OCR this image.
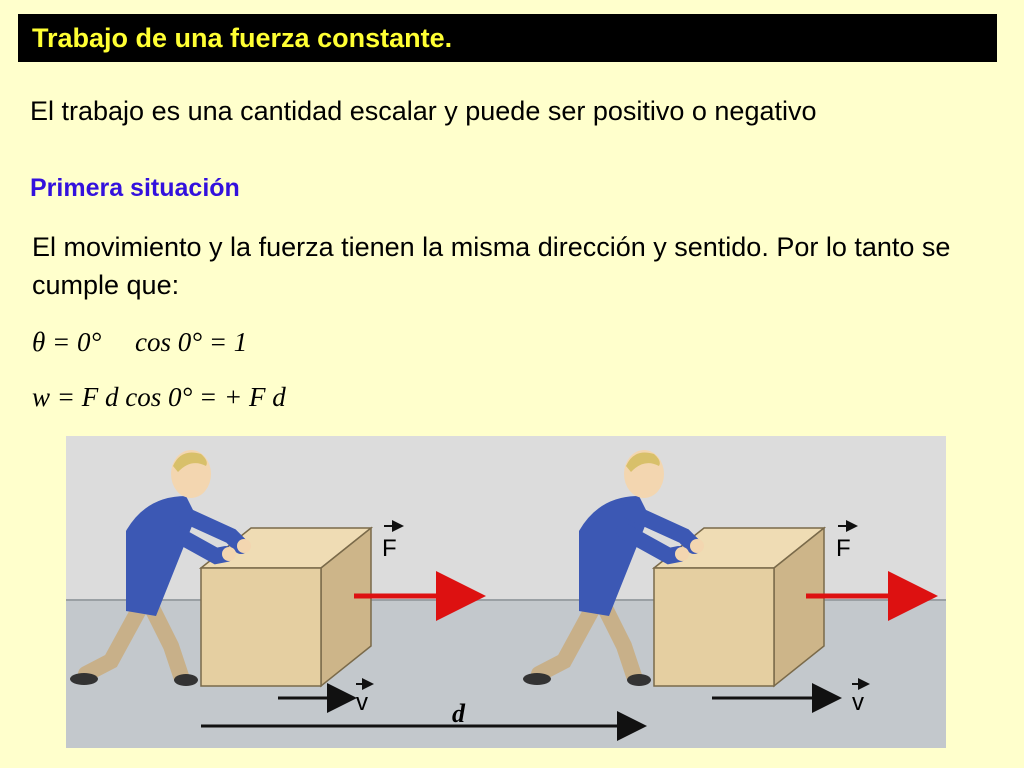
Trabajo de una fuerza constante.
El trabajo es una cantidad escalar y puede ser positivo o negativo
Primera situación
El movimiento y la fuerza tienen la misma dirección y sentido. Por lo tanto se cumple que:
θ = 0°     cos 0° = 1
w = F d cos 0° = + F d
F
v
F
v
d
